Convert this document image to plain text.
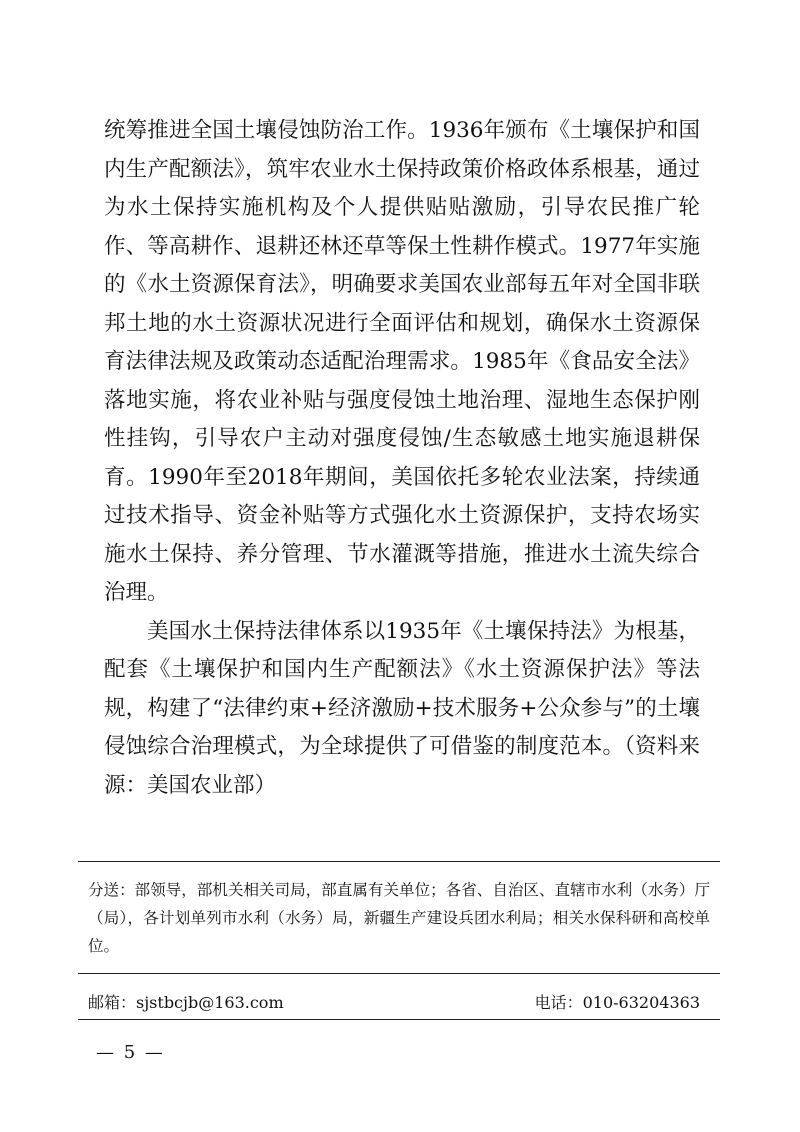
统筹推进全国土壤侵蚀防治工作。1936年颁布《土壤保护和国内生产配额法》，筑牢农业水土保持政策价格政体系根基，通过为水土保持实施机构及个人提供贴贴激励，引导农民推广轮作、等高耕作、退耕还林还草等保土性耕作模式。1977年实施的《水土资源保育法》，明确要求美国农业部每五年对全国非联邦土地的水土资源状况进行全面评估和规划，确保水土资源保育法律法规及政策动态适配治理需求。1985年《食品安全法》落地实施，将农业补贴与强度侵蚀土地治理、湿地生态保护刚性挂钩，引导农户主动对强度侵蚀/生态敏感土地实施退耕保育。1990年至2018年期间，美国依托多轮农业法案，持续通过技术指导、资金补贴等方式强化水土资源保护，支持农场实施水土保持、养分管理、节水灌溉等措施，推进水土流失综合治理。

美国水土保持法律体系以1935年《土壤保持法》为根基，配套《土壤保护和国内生产配额法》《水土资源保护法》等法规，构建了“法律约束+经济激励+技术服务+公众参与”的土壤侵蚀综合治理模式，为全球提供了可借鉴的制度范本。（资料来源：美国农业部）

分送：部领导，部机关相关司局，部直属有关单位；各省、自治区、直辖市水利（水务）厅（局），各计划单列市水利（水务）局，新疆生产建设兵团水利局；相关水保科研和高校单位。
邮箱：sjstbcjb@163.com	电话：010-63204363
— 5 —
